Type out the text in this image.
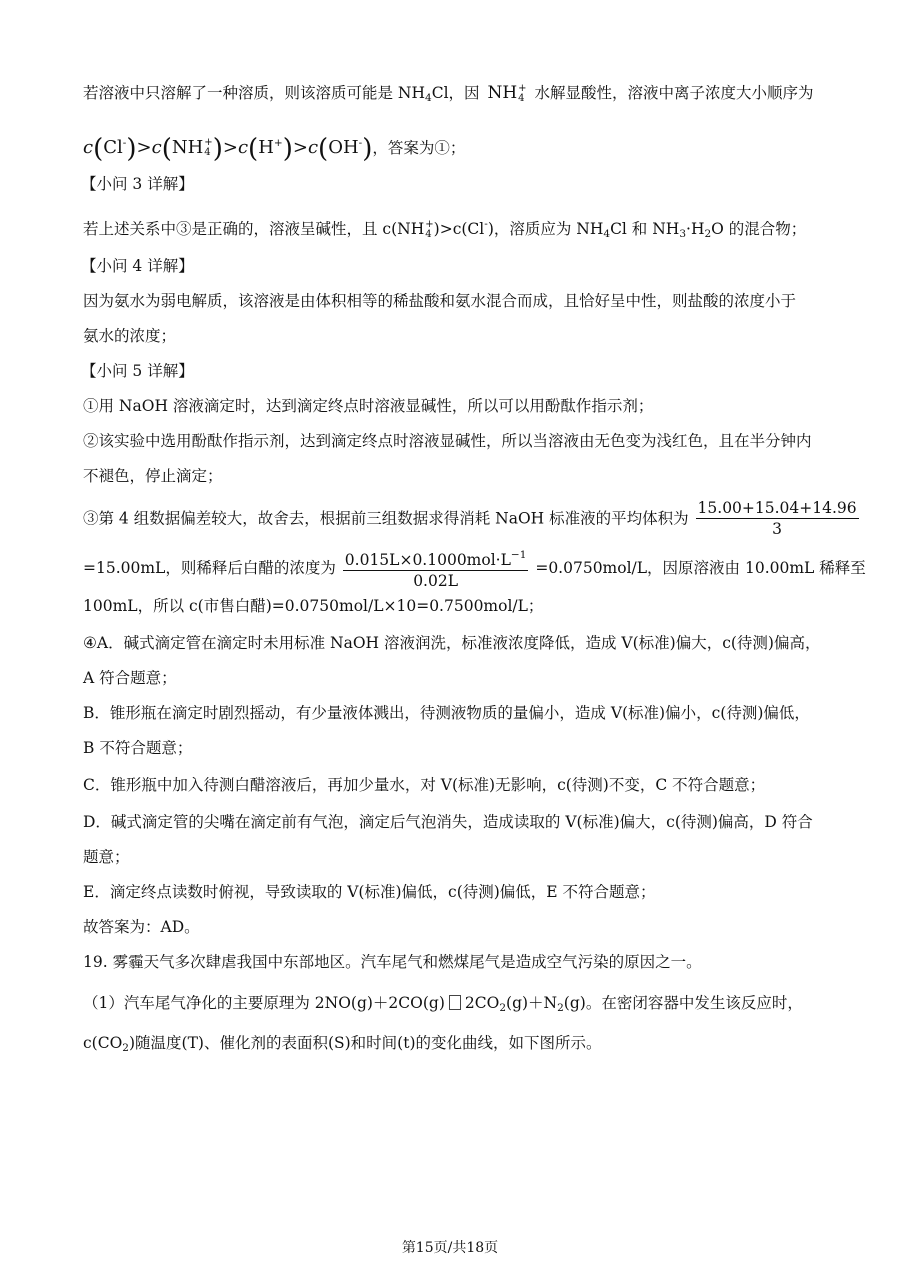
若溶液中只溶解了一种溶质，则该溶质可能是 $NH_4Cl$，因 NH +
4 水解显酸性，溶液中离子浓度大小顺序为
c(Cl-)>c(NH +
4 )>c(H+)>c(OH-)，答案为①；
【小问 3 详解】
若上述关系中③是正确的，溶液呈碱性，且 c(NH +
4 )>c(Cl-)，溶质应为 $NH_4Cl$ 和 $NH_3\cdot H_2O$ 的混合物；
【小问 4 详解】
因为氨水为弱电解质，该溶液是由体积相等的稀盐酸和氨水混合而成，且恰好呈中性，则盐酸的浓度小于
氨水的浓度；
【小问 5 详解】
①用 NaOH 溶液滴定时，达到滴定终点时溶液显碱性，所以可以用酚酞作指示剂；
②该实验中选用酚酞作指示剂，达到滴定终点时溶液显碱性，所以当溶液由无色变为浅红色，且在半分钟内
不褪色，停止滴定；
③第 4 组数据偏差较大，故舍去，根据前三组数据求得消耗 NaOH 标准液的平均体积为 $\frac{15.00+15.04+14.96}{3}$
=15.00mL，则稀释后白醋的浓度为 $\frac{0.015L\times 0.1000mol\cdot L^{-1}}{0.02L} =0.0750mol/L$，因原溶液由 10.00mL 稀释至
100mL，所以 c(市售白醋)=0.0750mol/L×10=0.7500mol/L；
④A．碱式滴定管在滴定时未用标准 NaOH 溶液润洗，标准液浓度降低，造成 V(标准)偏大，c(待测)偏高，
A 符合题意；
B．锥形瓶在滴定时剧烈摇动，有少量液体溅出，待测液物质的量偏小，造成 V(标准)偏小，c(待测)偏低，
B 不符合题意；
C．锥形瓶中加入待测白醋溶液后，再加少量水，对 V(标准)无影响，c(待测)不变，C 不符合题意；
D．碱式滴定管的尖嘴在滴定前有气泡，滴定后气泡消失，造成读取的 V(标准)偏大，c(待测)偏高，D 符合
题意；
E．滴定终点读数时俯视，导致读取的 V(标准)偏低，c(待测)偏低，E 不符合题意；
故答案为：AD。
19. 雾霾天气多次肆虐我国中东部地区。汽车尾气和燃煤尾气是造成空气污染的原因之一。
（1）汽车尾气净化的主要原理为 2NO(g)＋2CO(g) $2CO_2(g)+N_2(g)$。在密闭容器中发生该反应时，
$c(CO_2)$随温度(T)、催化剂的表面积(S)和时间(t)的变化曲线，如下图所示。
第15页/共18页
